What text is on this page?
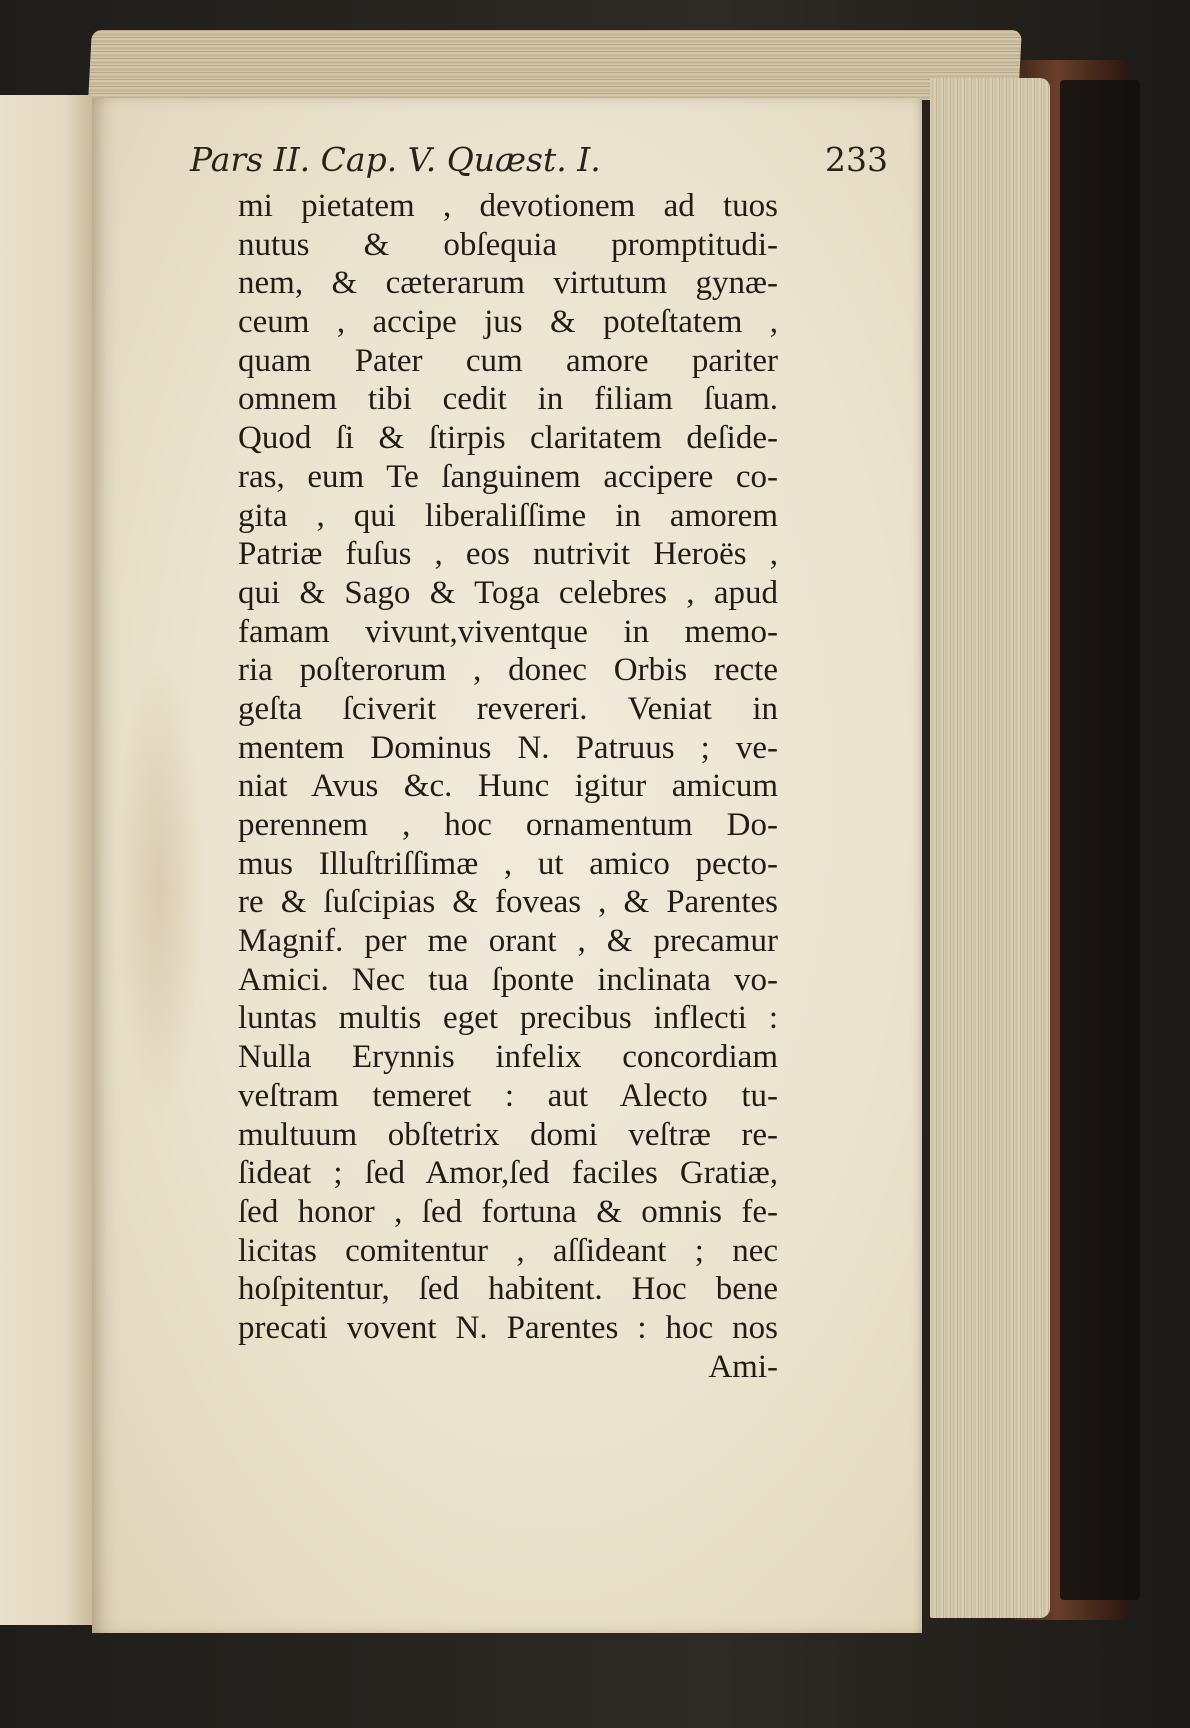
Pars II. Cap. V. Quæst. I.	233
mi pietatem , devotionem ad tuos
nutus & obſequia promptitudi-
nem, & cæterarum virtutum gynæ-
ceum , accipe jus & poteſtatem ,
quam Pater cum amore pariter
omnem tibi cedit in filiam ſuam.
Quod ſi & ſtirpis claritatem deſide-
ras, eum Te ſanguinem accipere co-
gita , qui liberaliſſime in amorem
Patriæ fuſus , eos nutrivit Heroës ,
qui & Sago & Toga celebres , apud
famam vivunt,viventque in memo-
ria poſterorum , donec Orbis recte
geſta ſciverit revereri. Veniat in
mentem Dominus N. Patruus ; ve-
niat Avus &c. Hunc igitur amicum
perennem , hoc ornamentum Do-
mus Illuſtriſſimæ , ut amico pecto-
re & ſuſcipias & foveas , & Parentes
Magnif. per me orant , & precamur
Amici. Nec tua ſponte inclinata vo-
luntas multis eget precibus inflecti :
Nulla Erynnis infelix concordiam
veſtram temeret : aut Alecto tu-
multuum obſtetrix domi veſtræ re-
ſideat ; ſed Amor,ſed faciles Gratiæ,
ſed honor , ſed fortuna & omnis fe-
licitas comitentur , aſſideant ; nec
hoſpitentur, ſed habitent. Hoc bene
precati vovent N. Parentes : hoc nos
Ami-
